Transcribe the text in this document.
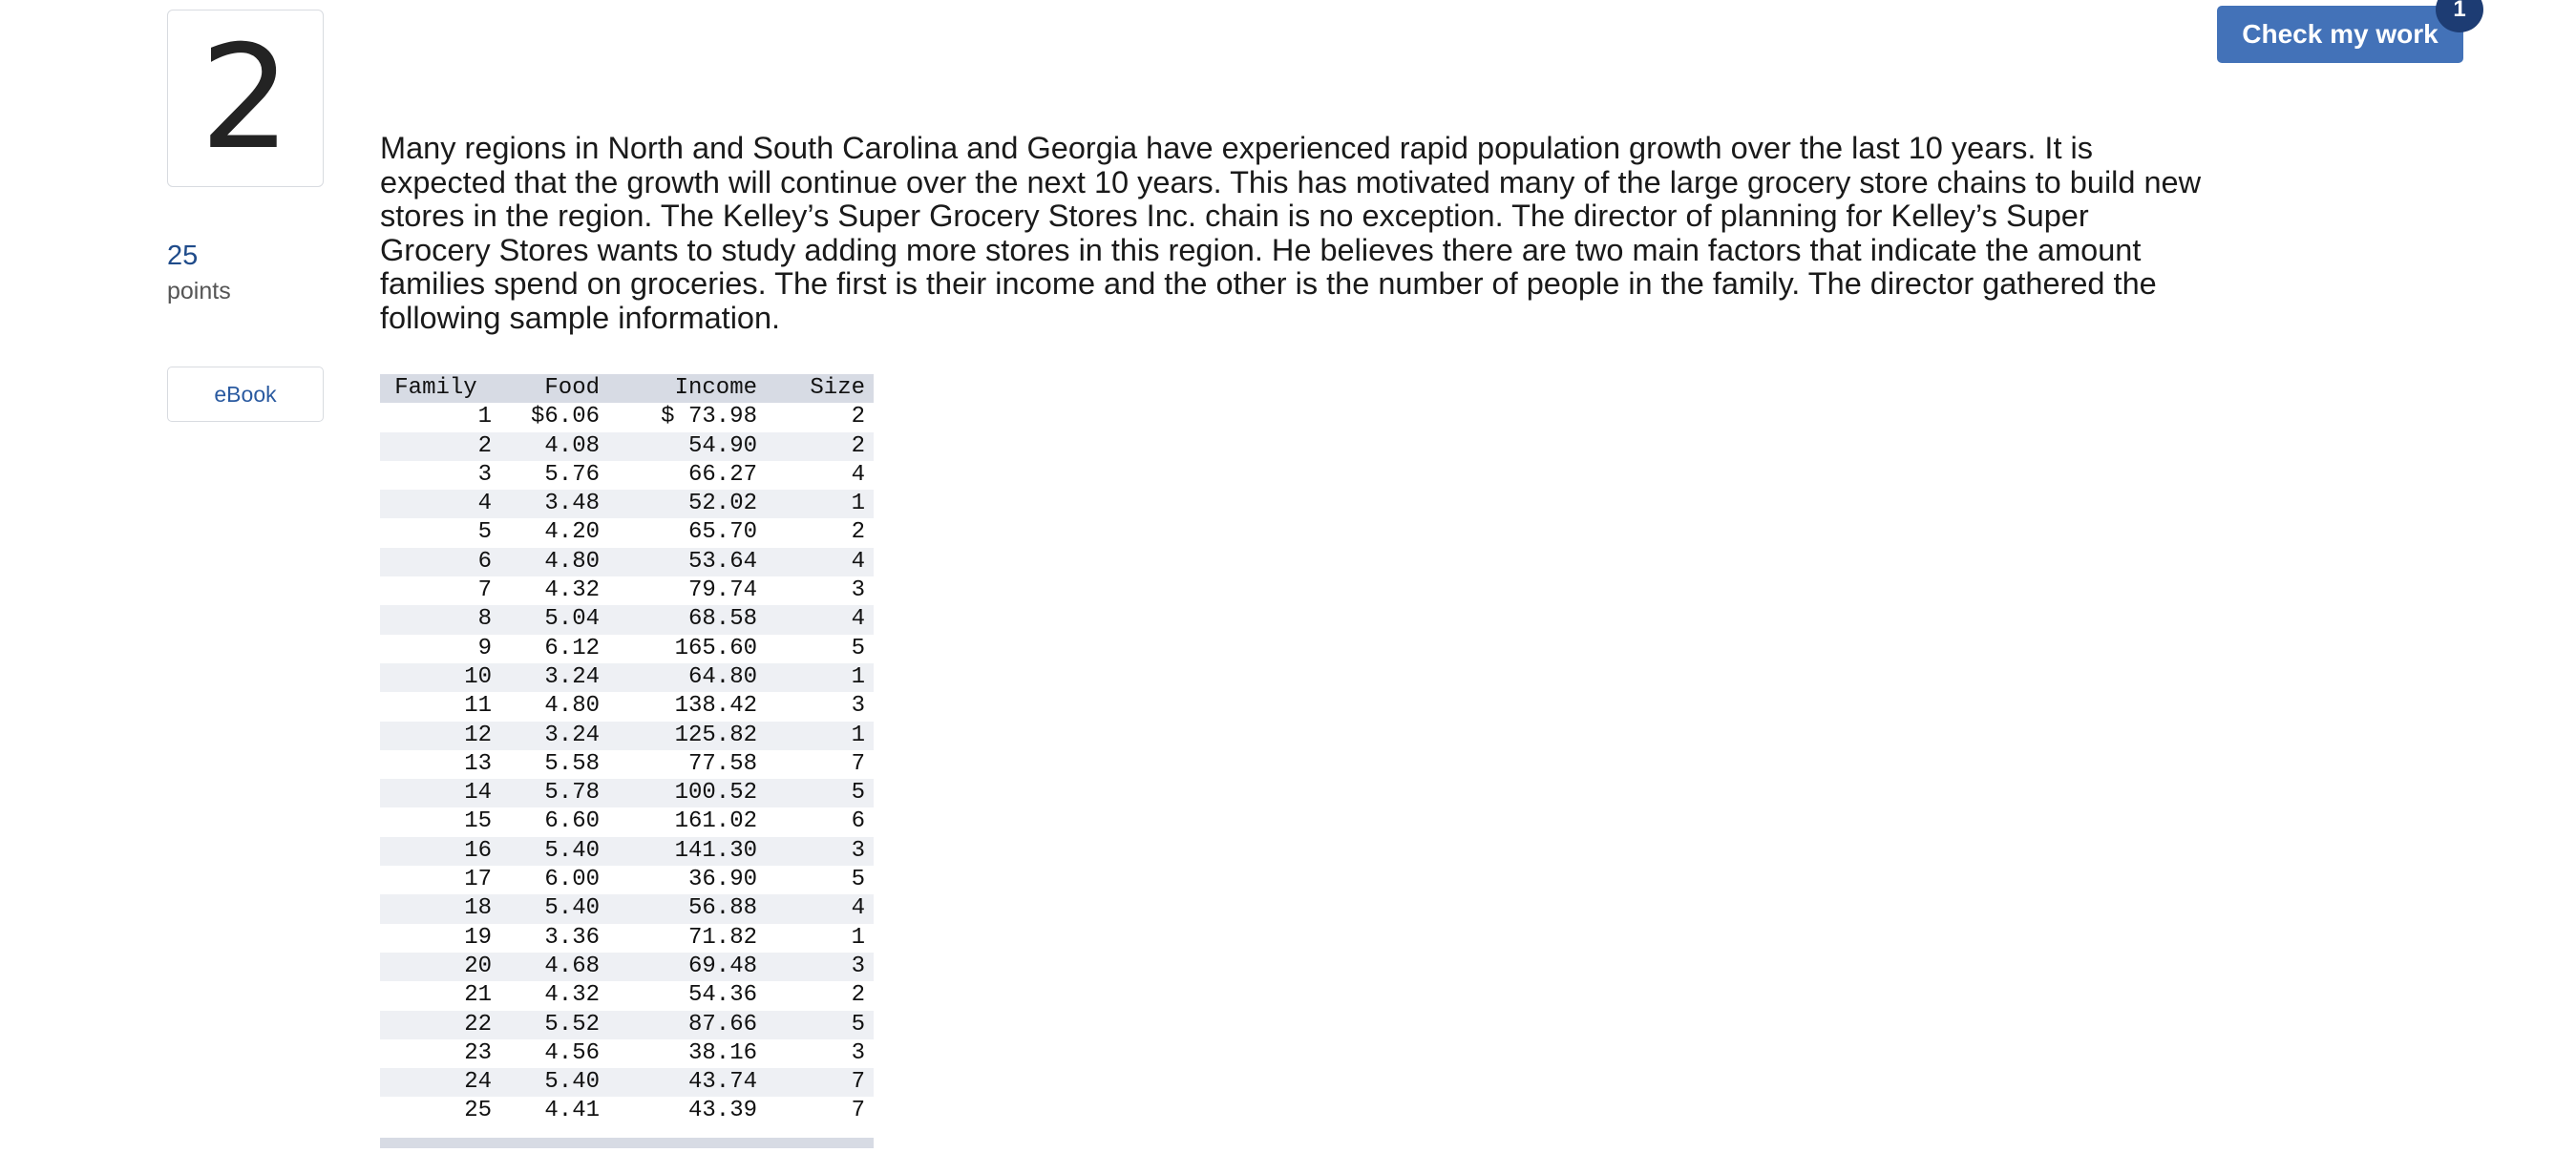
2
25
points
eBook
Check my work
1

Many regions in North and South Carolina and Georgia have experienced rapid population growth over the last 10 years. It is expected that the growth will continue over the next 10 years. This has motivated many of the large grocery store chains to build new stores in the region. The Kelley’s Super Grocery Stores Inc. chain is no exception. The director of planning for Kelley’s Super Grocery Stores wants to study adding more stores in this region. He believes there are two main factors that indicate the amount families spend on groceries. The first is their income and the other is the number of people in the family. The director gathered the following sample information.

Family	Food	Income	Size
1	$6.06	$ 73.98	2
2	4.08	54.90	2
3	5.76	66.27	4
4	3.48	52.02	1
5	4.20	65.70	2
6	4.80	53.64	4
7	4.32	79.74	3
8	5.04	68.58	4
9	6.12	165.60	5
10	3.24	64.80	1
11	4.80	138.42	3
12	3.24	125.82	1
13	5.58	77.58	7
14	5.78	100.52	5
15	6.60	161.02	6
16	5.40	141.30	3
17	6.00	36.90	5
18	5.40	56.88	4
19	3.36	71.82	1
20	4.68	69.48	3
21	4.32	54.36	2
22	5.52	87.66	5
23	4.56	38.16	3
24	5.40	43.74	7
25	4.41	43.39	7
